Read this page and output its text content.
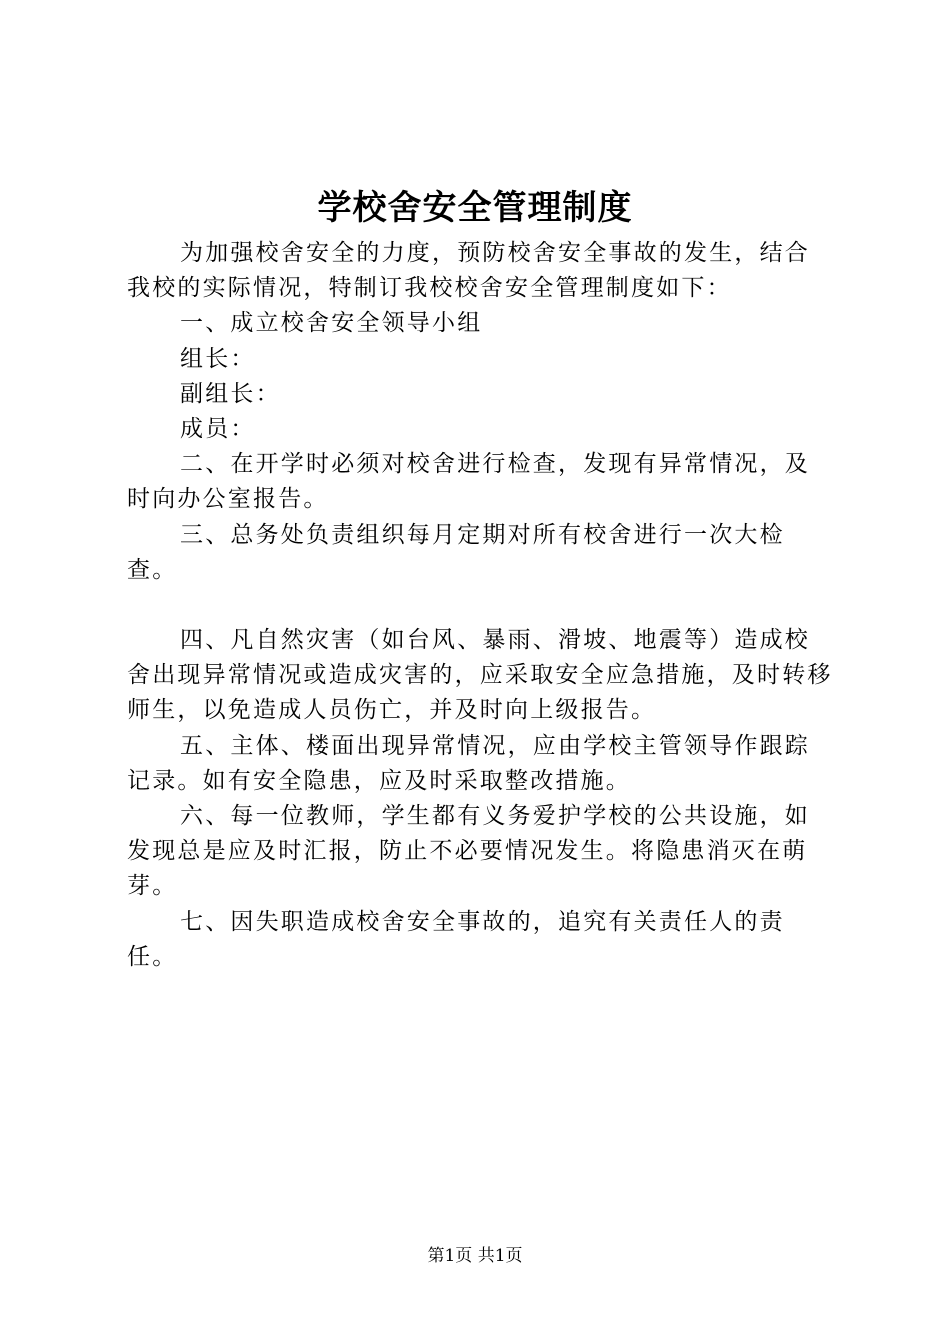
学校舍安全管理制度

为加强校舍安全的力度，预防校舍安全事故的发生，结合我校的实际情况，特制订我校校舍安全管理制度如下：

一、成立校舍安全领导小组

组长：

副组长：

成员：

二、在开学时必须对校舍进行检查，发现有异常情况，及时向办公室报告。

三、总务处负责组织每月定期对所有校舍进行一次大检查。

四、凡自然灾害（如台风、暴雨、滑坡、地震等）造成校舍出现异常情况或造成灾害的，应采取安全应急措施，及时转移师生，以免造成人员伤亡，并及时向上级报告。

五、主体、楼面出现异常情况，应由学校主管领导作跟踪记录。如有安全隐患，应及时采取整改措施。

六、每一位教师，学生都有义务爱护学校的公共设施，如发现总是应及时汇报，防止不必要情况发生。将隐患消灭在萌芽。

七、因失职造成校舍安全事故的，追究有关责任人的责任。

第1页 共1页
